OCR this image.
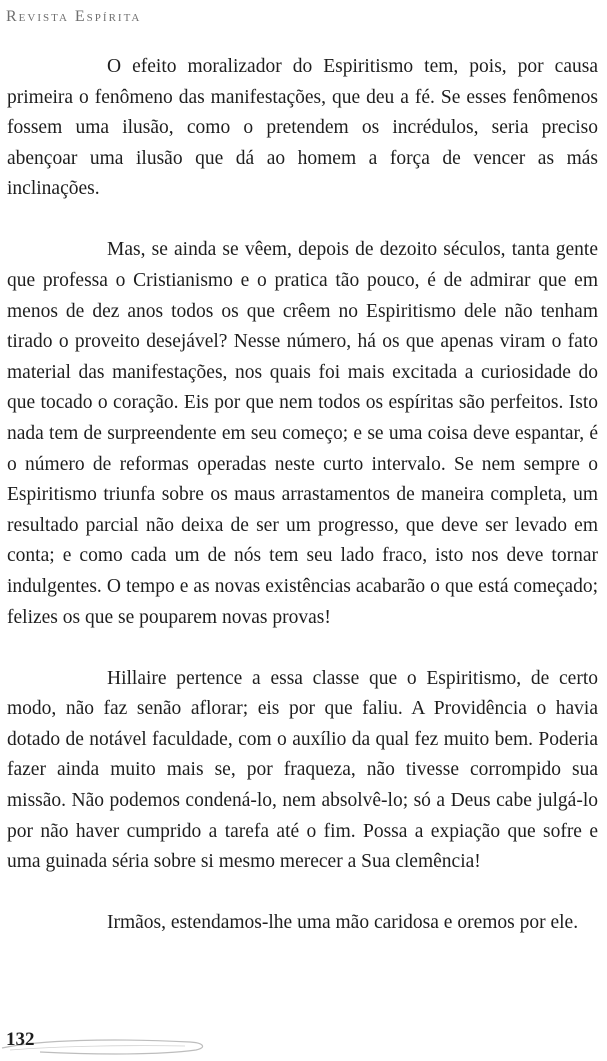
Revista Espírita

O efeito moralizador do Espiritismo tem, pois, por causa primeira o fenômeno das manifestações, que deu a fé. Se esses fenômenos fossem uma ilusão, como o pretendem os incrédulos, seria preciso abençoar uma ilusão que dá ao homem a força de vencer as más inclinações.

Mas, se ainda se vêem, depois de dezoito séculos, tanta gente que professa o Cristianismo e o pratica tão pouco, é de admirar que em menos de dez anos todos os que crêem no Espiritismo dele não tenham tirado o proveito desejável? Nesse número, há os que apenas viram o fato material das manifestações, nos quais foi mais excitada a curiosidade do que tocado o coração. Eis por que nem todos os espíritas são perfeitos. Isto nada tem de surpreendente em seu começo; e se uma coisa deve espantar, é o número de reformas operadas neste curto intervalo. Se nem sempre o Espiritismo triunfa sobre os maus arrastamentos de maneira completa, um resultado parcial não deixa de ser um progresso, que deve ser levado em conta; e como cada um de nós tem seu lado fraco, isto nos deve tornar indulgentes. O tempo e as novas existências acabarão o que está começado; felizes os que se pouparem novas provas!

Hillaire pertence a essa classe que o Espiritismo, de certo modo, não faz senão aflorar; eis por que faliu. A Providência o havia dotado de notável faculdade, com o auxílio da qual fez muito bem. Poderia fazer ainda muito mais se, por fraqueza, não tivesse corrompido sua missão. Não podemos condená-lo, nem absolvê-lo; só a Deus cabe julgá-lo por não haver cumprido a tarefa até o fim. Possa a expiação que sofre e uma guinada séria sobre si mesmo merecer a Sua clemência!

Irmãos, estendamos-lhe uma mão caridosa e oremos por ele.

132
